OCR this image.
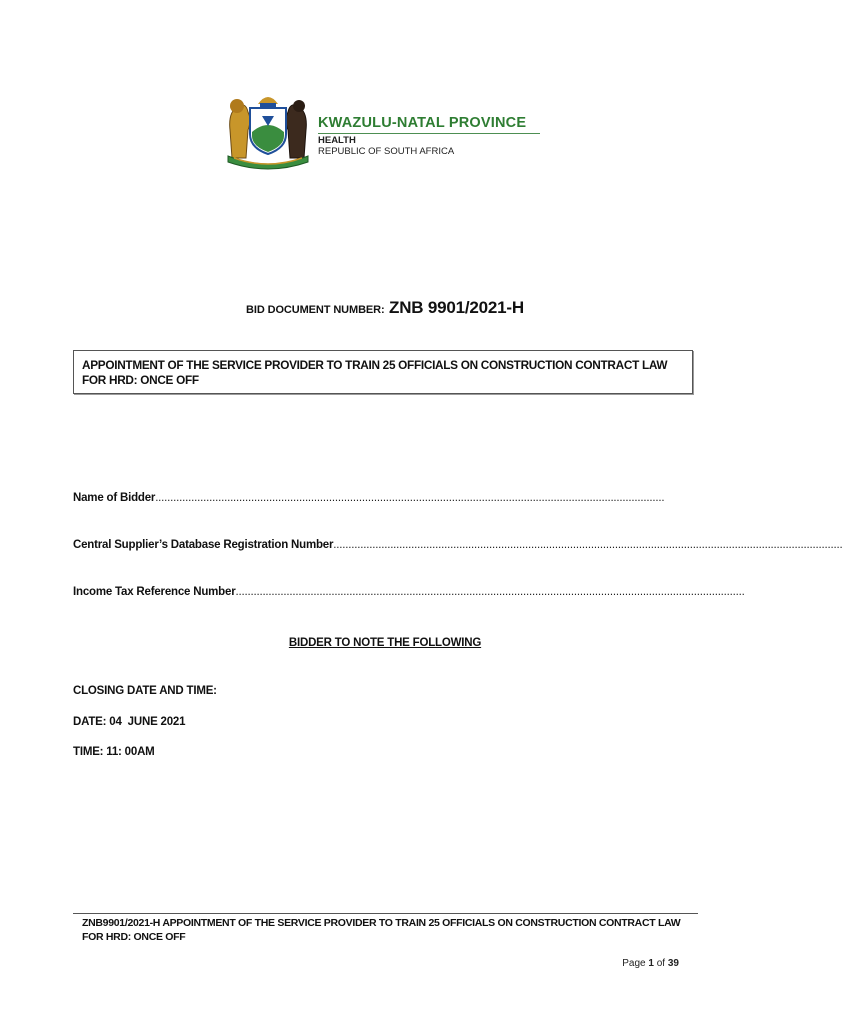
KWAZULU-NATAL PROVINCE
HEALTH
REPUBLIC OF SOUTH AFRICA
BID DOCUMENT NUMBER: ZNB 9901/2021-H
APPOINTMENT OF THE SERVICE PROVIDER TO TRAIN 25 OFFICIALS ON CONSTRUCTION CONTRACT LAW FOR HRD: ONCE OFF
Name of Bidder ..........................................................................................................................................................................
Central Supplier’s Database Registration Number ..........................................................................................................................................................................
Income Tax Reference Number ..........................................................................................................................................................................
BIDDER TO NOTE THE FOLLOWING
CLOSING DATE AND TIME:
DATE: 04  JUNE 2021
TIME: 11: 00AM
ZNB9901/2021-H APPOINTMENT OF THE SERVICE PROVIDER TO TRAIN 25 OFFICIALS ON CONSTRUCTION CONTRACT LAW FOR HRD: ONCE OFF
Page 1 of 39
